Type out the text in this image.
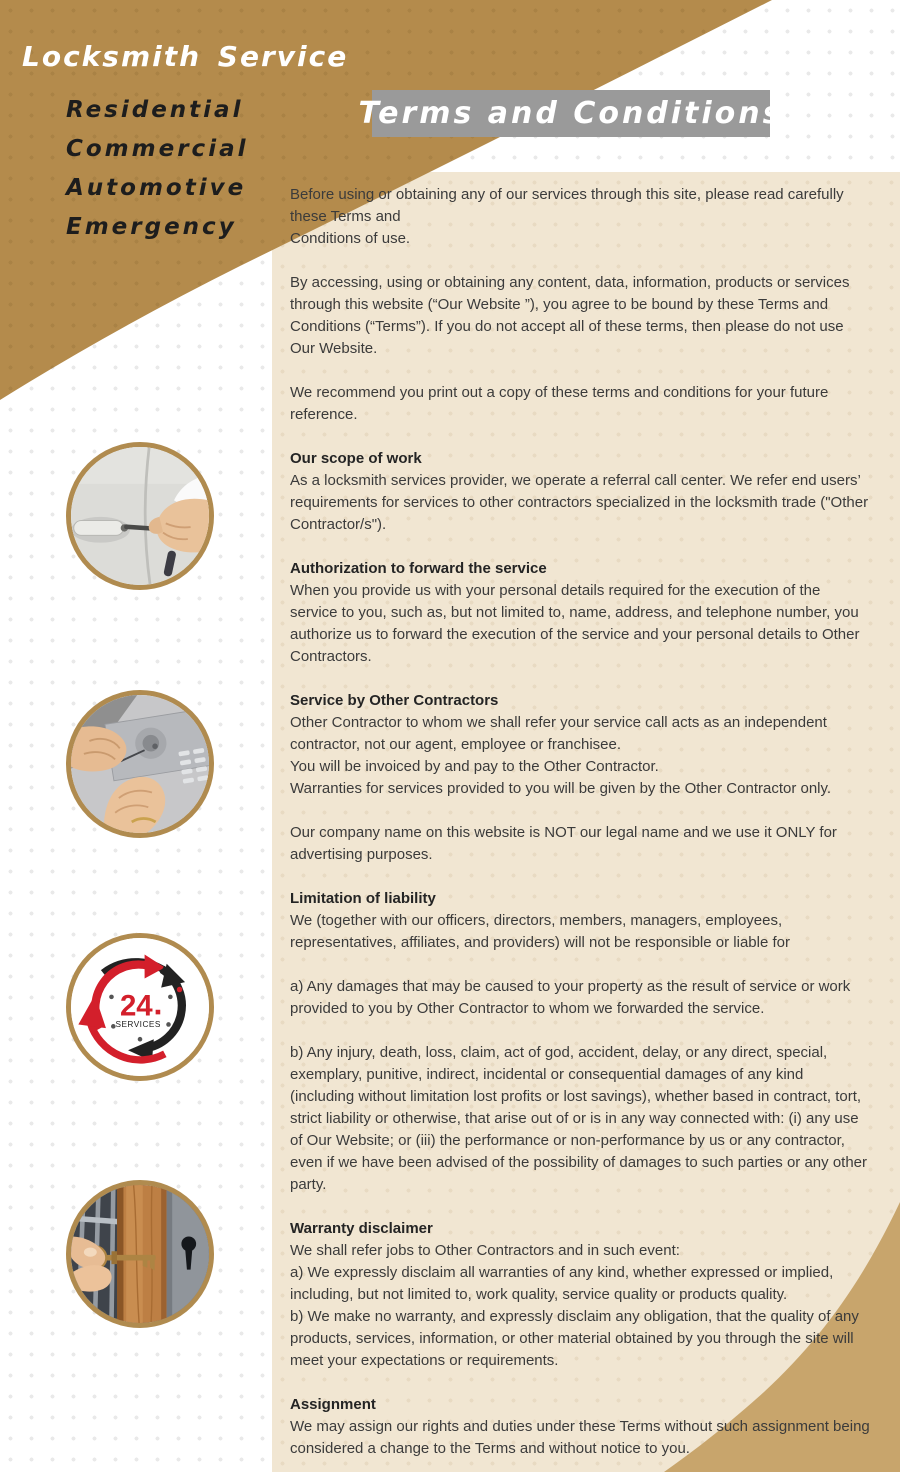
Locksmith Service
Residential
Commercial
Automotive
Emergency
Terms and Conditions
Before using or obtaining any of our services through this site, please read carefully these Terms and
Conditions of use.
By accessing, using or obtaining any content, data, information, products or services through this website (“Our Website ”), you agree to be bound by these Terms and Conditions (“Terms”). If you do not accept all of these terms, then please do not use Our Website.
We recommend you print out a copy of these terms and conditions for your future reference.
Our scope of work
As a locksmith services provider, we operate a referral call center. We refer end users’ requirements for services to other contractors specialized in the locksmith trade ("Other Contractor/s").
Authorization to forward the service
When you provide us with your personal details required for the execution of the service to you, such as, but not limited to, name, address, and telephone number, you authorize us to forward the execution of the service and your personal details to Other Contractors.
Service by Other Contractors
Other Contractor to whom we shall refer your service call acts as an independent contractor, not our agent, employee or franchisee.
You will be invoiced by and pay to the Other Contractor.
Warranties for services provided to you will be given by the Other Contractor only.
Our company name on this website is NOT our legal name and we use it ONLY for advertising purposes.
Limitation of liability
We (together with our officers, directors, members, managers, employees, representatives, affiliates, and providers) will not be responsible or liable for
a) Any damages that may be caused to your property as the result of service or work provided to you by Other Contractor to whom we forwarded the service.
b) Any injury, death, loss, claim, act of god, accident, delay, or any direct, special, exemplary, punitive, indirect, incidental or consequential damages of any kind (including without limitation lost profits or lost savings), whether based in contract, tort, strict liability or otherwise, that arise out of or is in any way connected with: (i) any use of Our Website; or (iii) the performance or non-performance by us or any contractor, even if we have been advised of the possibility of damages to such parties or any other party.
Warranty disclaimer
We shall refer jobs to Other Contractors and in such event:
a) We expressly disclaim all warranties of any kind, whether expressed or implied, including, but not limited to, work quality, service quality or products quality.
b) We make no warranty, and expressly disclaim any obligation, that the quality of any products, services, information, or other material obtained by you through the site will meet your expectations or requirements.
Assignment
We may assign our rights and duties under these Terms without such assignment being considered a change to the Terms and without notice to you.
24
SERVICES
